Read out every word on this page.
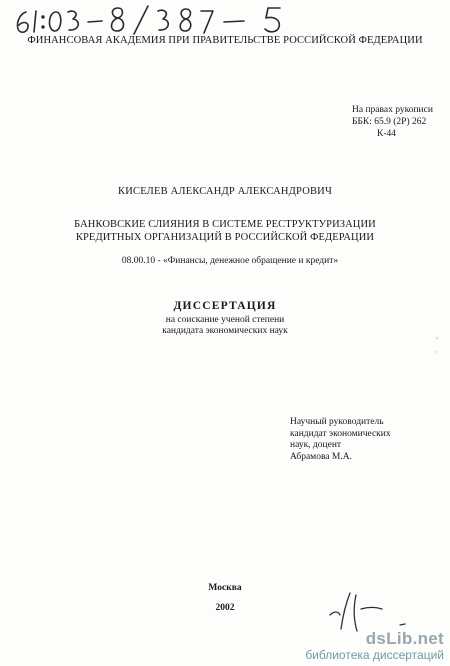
ФИНАНСОВАЯ АКАДЕМИЯ ПРИ ПРАВИТЕЛЬСТВЕ РОССИЙСКОЙ ФЕДЕРАЦИИ
На правах рукописи
ББК: 65.9 (2Р) 262
К-44
КИСЕЛЕВ АЛЕКСАНДР АЛЕКСАНДРОВИЧ
БАНКОВСКИЕ СЛИЯНИЯ В СИСТЕМЕ РЕСТРУКТУРИЗАЦИИ
КРЕДИТНЫХ ОРГАНИЗАЦИЙ В РОССИЙСКОЙ ФЕДЕРАЦИИ
08.00.10 - «Финансы, денежное обращение и кредит»
ДИССЕРТАЦИЯ
на соискание ученой степени
кандидата экономических наук
Научный руководитель
кандидат экономических
наук, доцент
Абрамова М.А.
Москва
2002
dsLib.net
библиотека диссертаций
